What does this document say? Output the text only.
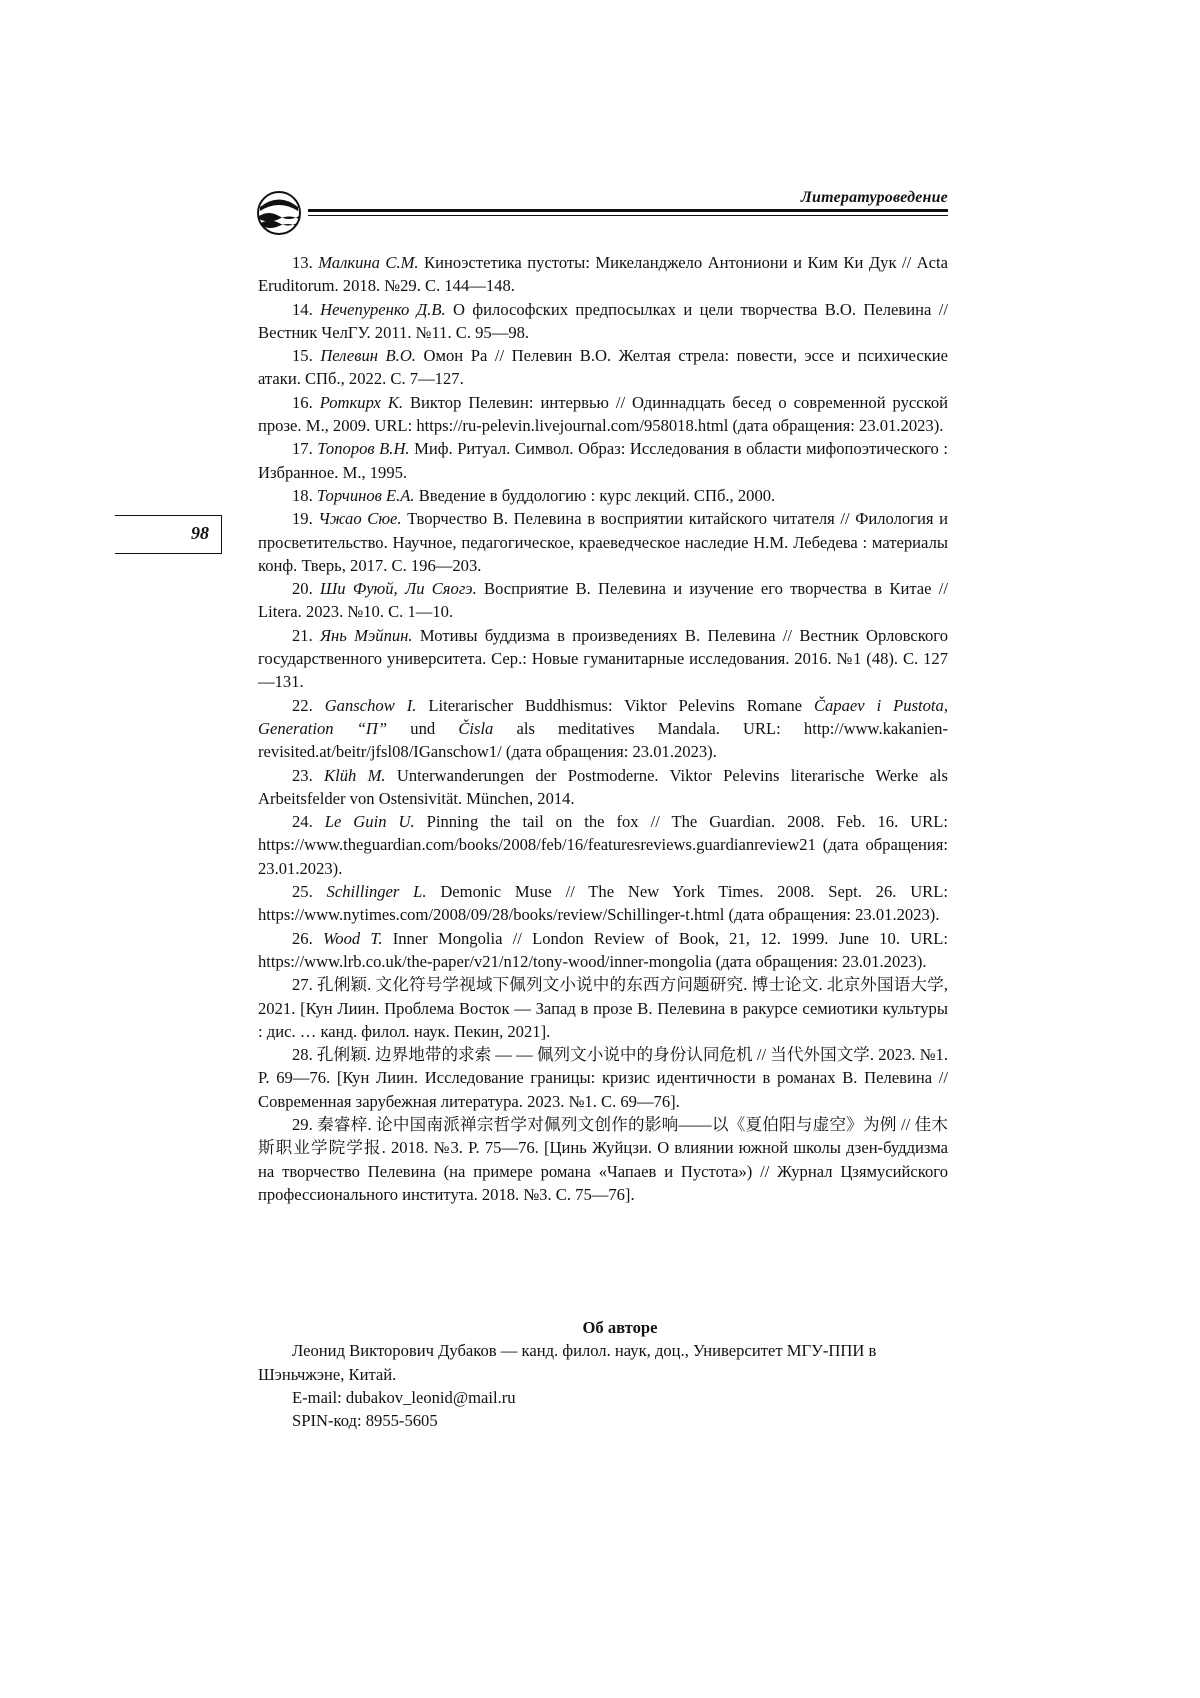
Литературоведение
98

13. Малкина С.М. Киноэстетика пустоты: Микеланджело Антониони и Ким Ки Дук // Acta Eruditorum. 2018. №29. С. 144—148.

14. Нечепуренко Д.В. О философских предпосылках и цели творчества В.О. Пелевина // Вестник ЧелГУ. 2011. №11. С. 95—98.

15. Пелевин В.О. Омон Ра // Пелевин В.О. Желтая стрела: повести, эссе и психические атаки. СПб., 2022. С. 7—127.

16. Роткирх К. Виктор Пелевин: интервью // Одиннадцать бесед о современной русской прозе. М., 2009. URL: https://ru-pelevin.livejournal.com/958018.html (дата обращения: 23.01.2023).

17. Топоров В.Н. Миф. Ритуал. Символ. Образ: Исследования в области мифопоэтического : Избранное. М., 1995.

18. Торчинов Е.А. Введение в буддологию : курс лекций. СПб., 2000.

19. Чжао Сюе. Творчество В. Пелевина в восприятии китайского читателя // Филология и просветительство. Научное, педагогическое, краеведческое наследие Н.М. Лебедева : материалы конф. Тверь, 2017. С. 196—203.

20. Ши Фуюй, Ли Сяогэ. Восприятие В. Пелевина и изучение его творчества в Китае // Litera. 2023. №10. С. 1—10.

21. Янь Мэйпин. Мотивы буддизма в произведениях В. Пелевина // Вестник Орловского государственного университета. Сер.: Новые гуманитарные исследования. 2016. №1 (48). С. 127—131.

22. Ganschow I. Literarischer Buddhismus: Viktor Pelevins Romane Čapaev i Pustota, Generation “П” und Čisla als meditatives Mandala. URL: http://www.kakanien-revisited.at/beitr/jfsl08/IGanschow1/ (дата обращения: 23.01.2023).

23. Klüh M. Unterwanderungen der Postmoderne. Viktor Pelevins literarische Werke als Arbeitsfelder von Ostensivität. München, 2014.

24. Le Guin U. Pinning the tail on the fox // The Guardian. 2008. Feb. 16. URL: https://www.theguardian.com/books/2008/feb/16/featuresreviews.guardianreview21 (дата обращения: 23.01.2023).

25. Schillinger L. Demonic Muse // The New York Times. 2008. Sept. 26. URL: https://www.nytimes.com/2008/09/28/books/review/Schillinger-t.html (дата обращения: 23.01.2023).

26. Wood T. Inner Mongolia // London Review of Book, 21, 12. 1999. June 10. URL: https://www.lrb.co.uk/the-paper/v21/n12/tony-wood/inner-mongolia (дата обращения: 23.01.2023).

27. 孔俐颖. 文化符号学视域下佩列文小说中的东西方问题研究. 博士论文. 北京外国语大学, 2021. [Кун Лиин. Проблема Восток — Запад в прозе В. Пелевина в ракурсе семиотики культуры : дис. … канд. филол. наук. Пекин, 2021].

28. 孔俐颖. 边界地带的求索 — — 佩列文小说中的身份认同危机 // 当代外国文学. 2023. №1. P. 69—76. [Кун Лиин. Исследование границы: кризис идентичности в романах В. Пелевина // Современная зарубежная литература. 2023. №1. С. 69—76].

29. 秦睿梓. 论中国南派禅宗哲学对佩列文创作的影响——以《夏伯阳与虚空》为例 // 佳木斯职业学院学报. 2018. №3. P. 75—76. [Цинь Жуйцзи. О влиянии южной школы дзен-буддизма на творчество Пелевина (на примере романа «Чапаев и Пустота») // Журнал Цзямусийского профессионального института. 2018. №3. С. 75—76].

Об авторе

Леонид Викторович Дубаков — канд. филол. наук, доц., Университет МГУ-ППИ в Шэньчжэне, Китай.

E-mail: dubakov_leonid@mail.ru

SPIN-код: 8955-5605
